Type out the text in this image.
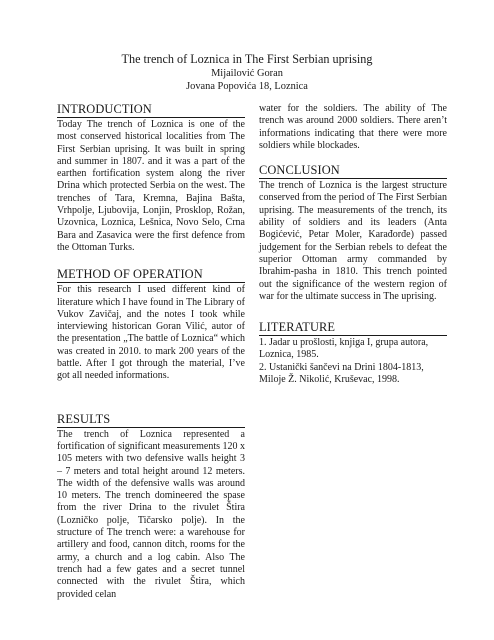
The trench of Loznica in The First Serbian uprising
Mijailović Goran
Jovana Popovića 18, Loznica
INTRODUCTION

Today The trench of Loznica is one of the most conserved historical localities from The First Serbian uprising. It was built in spring and summer in 1807. and it was a part of the earthen fortification system along the river Drina which protected Serbia on the west. The trenches of Tara, Kremna, Bajina Bašta, Vrhpolje, Ljubovija, Lonjin, Prosklop, Rožan, Uzovnica, Loznica, Lešnica, Novo Selo, Crna Bara and Zasavica were the first defence from the Ottoman Turks.

METHOD OF OPERATION

For this research I used different kind of literature which I have found in The Library of Vukov Zavičaj, and the notes I took while interviewing historican Goran Vilić, autor of the presentation „The battle of Loznica“ which was created in 2010. to mark 200 years of the battle. After I got through the material, I’ve got all needed informations.

RESULTS

The trench of Loznica represented a fortification of significant measurements 120 x 105 meters with two defensive walls height 3 – 7 meters and total height around 12 meters. The width of the defensive walls was around 10 meters. The trench domineered the spase from the river Drina to the rivulet Štira (Lozničko polje, Tičarsko polje). In the structure of The trench were: a warehouse for artillery and food, cannon ditch, rooms for the army, a church and a log cabin. Also The trench had a few gates and a secret tunnel connected with the rivulet Štira, which provided celan

water for the soldiers. The ability of The trench was around 2000 soldiers. There aren’t informations indicating that there were more soldiers while blockades.

CONCLUSION

The trench of Loznica is the largest structure conserved from the period of The First Serbian uprising. The measurements of the trench, its ability of soldiers and its leaders (Anta Bogićević, Petar Moler, Karađorđe) passed judgement for the Serbian rebels to defeat the superior Ottoman army commanded by Ibrahim-pasha in 1810. This trench pointed out the significance of the western region of war for the ultimate success in The uprising.

LITERATURE

1. Jadar u prošlosti, knjiga I, grupa autora, Loznica, 1985.

2. Ustanički šančevi na Drini 1804-1813, Miloje Ž. Nikolić, Kruševac, 1998.
